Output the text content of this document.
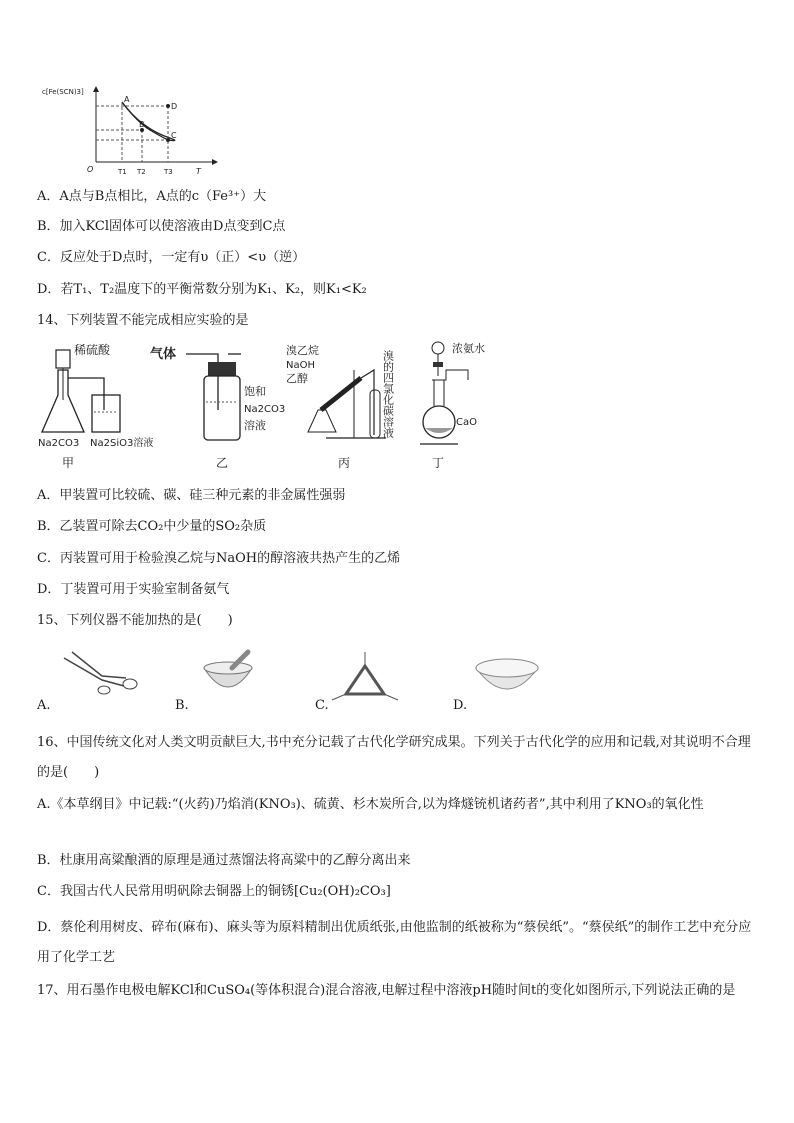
c[Fe(SCN)3]
O	T
A
B
C
D
T1 T2	T3
A．A点与B点相比，A点的c（Fe³⁺）大
B．加入KCl固体可以使溶液由D点变到C点
C．反应处于D点时，一定有υ（正）<υ（逆）
D．若T₁、T₂温度下的平衡常数分别为K₁、K₂，则K₁<K₂
14、下列装置不能完成相应实验的是
稀硫酸
Na2CO3 Na2SiO3溶液
气体
饱和
Na2CO3
溶液
溴乙烷
NaOH
乙醇	溴的四氯化碳溶液
浓氨水
CaO
甲	乙	丙	丁
A．甲装置可比较硫、碳、硅三种元素的非金属性强弱
B．乙装置可除去CO₂中少量的SO₂杂质
C．丙装置可用于检验溴乙烷与NaOH的醇溶液共热产生的乙烯
D．丁装置可用于实验室制备氨气
15、下列仪器不能加热的是(　　)
A.	B.	C.	D.
16、中国传统文化对人类文明贡献巨大,书中充分记载了古代化学研究成果。下列关于古代化学的应用和记载,对其说明不合理的是(　　)
A.《本草纲目》中记载:“(火药)乃焰消(KNO₃)、硫黄、杉木炭所合,以为烽燧铳机诸药者”,其中利用了KNO₃的氧化性
B．杜康用高粱酿酒的原理是通过蒸馏法将高粱中的乙醇分离出来
C．我国古代人民常用明矾除去铜器上的铜锈[Cu₂(OH)₂CO₃]
D．蔡伦利用树皮、碎布(麻布)、麻头等为原料精制出优质纸张,由他监制的纸被称为“蔡侯纸”。“蔡侯纸”的制作工艺中充分应用了化学工艺
17、用石墨作电极电解KCl和CuSO₄(等体积混合)混合溶液,电解过程中溶液pH随时间t的变化如图所示,下列说法正确的是
